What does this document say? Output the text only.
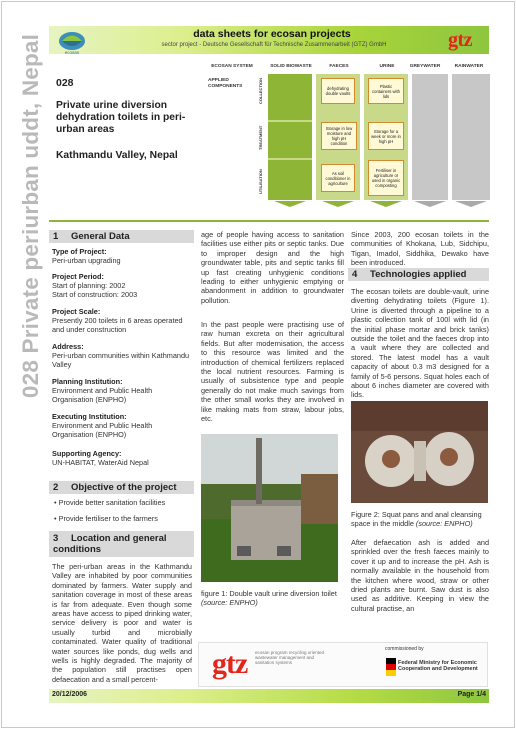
028 Private periurban uddt, Nepal	ecosan
data sheets for ecosan projects
sector project - Deutsche Gesellschaft für Technische Zusammenarbeit (GTZ) GmbH	gtz
028
Private urine diversion dehydration toilets in peri-urban areas
Kathmandu Valley, Nepal
ECOSAN SYSTEM	SOLID BIOWASTE	FAECES	URINE	GREYWATER	RAINWATER
APPLIED COMPONENTS	COLLECTION
TREATMENT
UTILISATION
dehydrating double vaults
Plastic containers with lids
Storage in low moisture and high pH condition
Storage for a week or more in high pH
As soil conditioner in agriculture
Fertiliser in agriculture or used in organic composting
1 General Data
Type of Project:
Peri-urban upgrading
Project Period:
Start of planning: 2002
Start of construction: 2003
Project Scale:
Presently 200 toilets in 6 areas operated and under construction
Address:
Peri-urban communities within Kathmandu Valley
Planning Institution:
Environment and Public Health Organisation (ENPHO)
Executing Institution:
Environment and Public Health Organisation (ENPHO)
Supporting Agency:
UN-HABITAT, WaterAid Nepal
2 Objective of the project
• Provide better sanitation facilities
• Provide fertiliser to the farmers
3 Location and general conditions
The peri-urban areas in the Kathmandu Valley are inhabited by poor communities dominated by farmers. Water supply and sanitation coverage in most of these areas is far from adequate. Even though some areas have access to piped drinking water, service delivery is poor and water is usually turbid and microbially contaminated. Water quality of traditional water sources like ponds, dug wells and wells is highly degraded. The majority of the population still practises open defaecation and a small percent-
age of people having access to sanitation facilities use either pits or septic tanks. Due to improper design and the high groundwater table, pits and septic tanks fill up fast creating unhygienic conditions leading to either unhygienic emptying or abandonment in addition to groundwater pollution.
In the past people were practising use of raw human excreta on their agricultural fields. But after modernisation, the access to this resource was limited and the introduction of chemical fertilizers replaced the local nutrient resources. Farming is usually of subsistence type and people generally do not make much savings from the other small works they are involved in like making mats from straw, labour jobs, etc.
figure 1: Double vault urine diversion toilet (source: ENPHO)
Since 2003, 200 ecosan toilets in the communities of Khokana, Lub, Sidchipu, Tigan, Imadol, Siddhika, Dewako have been introduced.
4 Technologies applied
The ecosan toilets are double-vault, urine diverting dehydrating toilets (Figure 1). Urine is diverted through a pipeline to a plastic collection tank of 100l with lid (in the initial phase mortar and brick tanks) outside the toilet and the faeces drop into a vault where they are collected and stored. The latest model has a vault capacity of about 0.3 m3 designed for a family of 5-6 persons. Squat holes each of about 6 inches diameter are covered with lids.
Figure 2: Squat pans and anal cleansing space in the middle (source: ENPHO)
After defaecation ash is added and sprinkled over the fresh faeces mainly to cover it up and to increase the pH. Ash is normally available in the household from the kitchen where wood, straw or other dried plants are burnt. Saw dust is also used as additive. Keeping in view the cultural practise, an
gtz ecosan program recycling oriented wastewater management and sanitation systems
commissioned by
Federal Ministry for Economic Cooperation and Development
20/12/2006	Page 1/4
